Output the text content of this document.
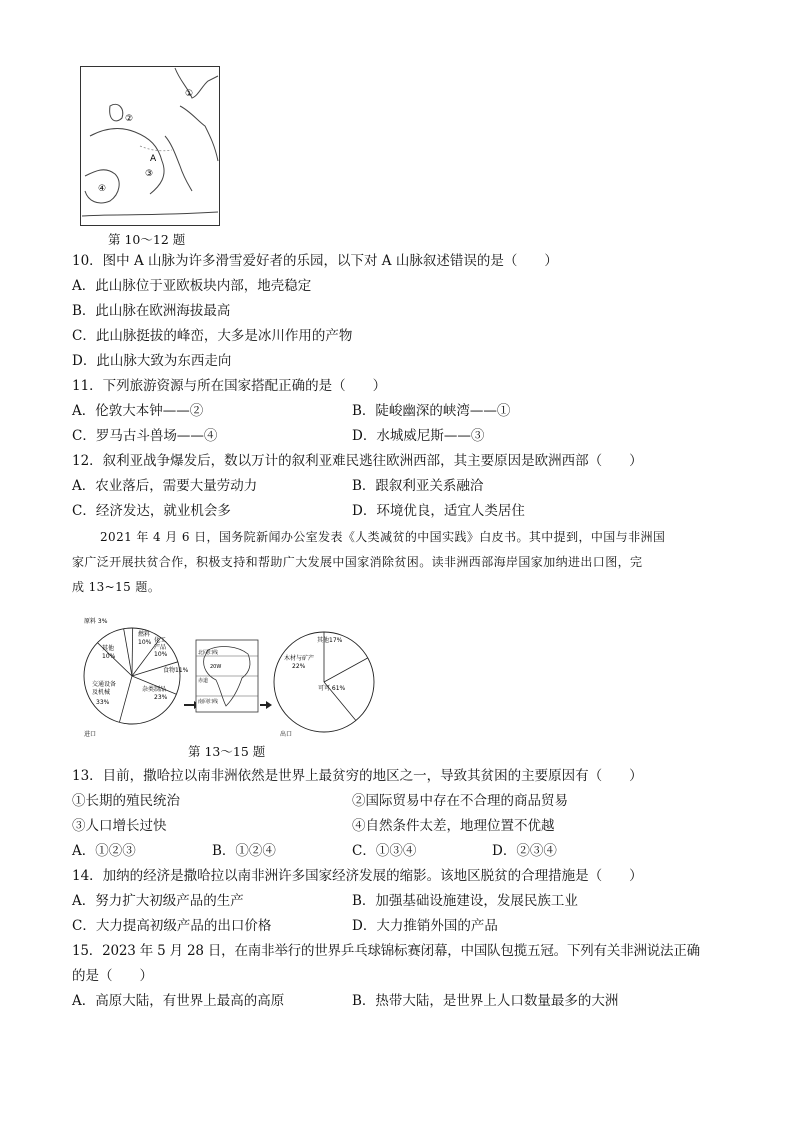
②
①
A
③
④
第 10～12 题
10．图中 A 山脉为许多滑雪爱好者的乐园，以下对 A 山脉叙述错误的是（　　）
A．此山脉位于亚欧板块内部，地壳稳定
B．此山脉在欧洲海拔最高
C．此山脉挺拔的峰峦，大多是冰川作用的产物
D．此山脉大致为东西走向
11．下列旅游资源与所在国家搭配正确的是（　　）
A．伦敦大本钟——②	B．陡峻幽深的峡湾——①
C．罗马古斗兽场——④	D．水城威尼斯——③
12．叙利亚战争爆发后，数以万计的叙利亚难民逃往欧洲西部，其主要原因是欧洲西部（　　）
A．农业落后，需要大量劳动力	B．跟叙利亚关系融洽
C．经济发达，就业机会多	D．环境优良，适宜人类居住
2021 年 4 月 6 日，国务院新闻办公室发表《人类减贫的中国实践》白皮书。其中提到，中国与非洲国
家广泛开展扶贫合作，积极支持和帮助广大发展中国家消除贫困。读非洲西部海岸国家加纳进出口图，完
成 13~15 题。
原料 3%
燃料
10% 化工
产品
10%
食物11%
杂类制品
23%
交通设备
及机械
33%
其他
10%
进口
北回归线
20W
赤道
南回归线
其他17%
木材与矿产
22%
可可 61%
出口
第 13～15 题
13．目前，撒哈拉以南非洲依然是世界上最贫穷的地区之一，导致其贫困的主要原因有（　　）
①长期的殖民统治	②国际贸易中存在不合理的商品贸易
③人口增长过快	④自然条件太差，地理位置不优越
A．①②③	B．①②④	C．①③④	D．②③④
14．加纳的经济是撒哈拉以南非洲许多国家经济发展的缩影。该地区脱贫的合理措施是（　　）
A．努力扩大初级产品的生产	B．加强基础设施建设，发展民族工业
C．大力提高初级产品的出口价格	D．大力推销外国的产品
15．2023 年 5 月 28 日，在南非举行的世界乒乓球锦标赛闭幕，中国队包揽五冠。下列有关非洲说法正确
的是（　　）
A．高原大陆，有世界上最高的高原	B．热带大陆，是世界上人口数量最多的大洲
